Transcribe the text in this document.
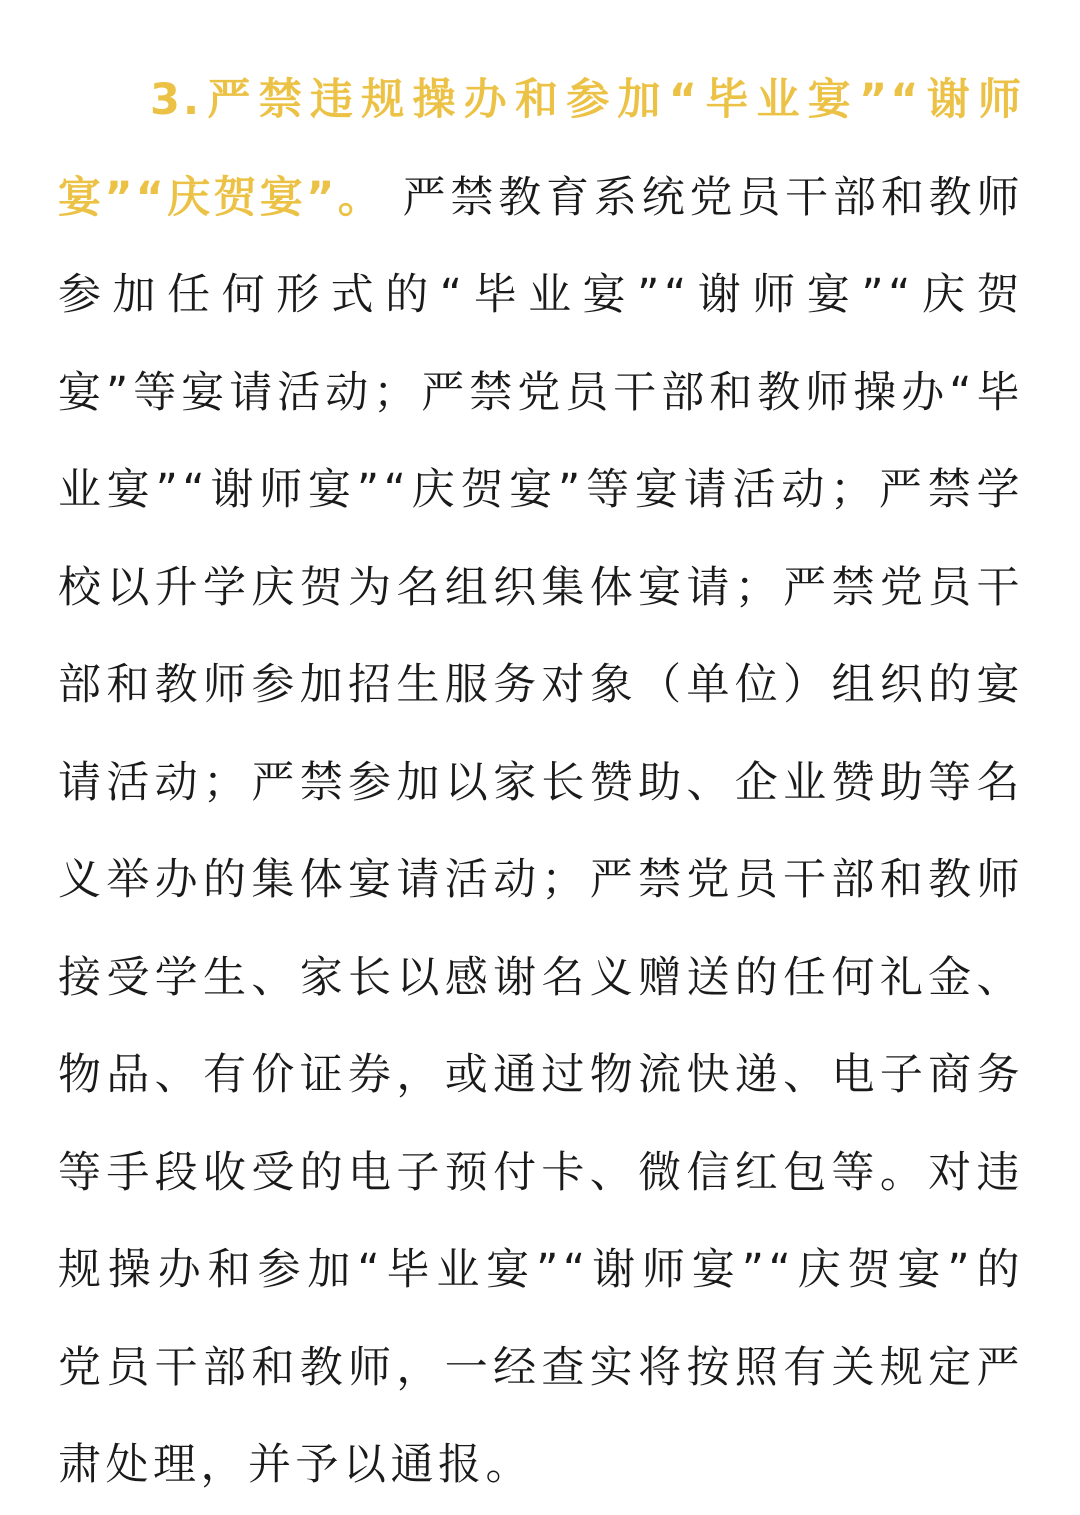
3.严禁违规操办和参加“毕业宴”“谢师宴”“庆贺宴”。 严禁教育系统党员干部和教师参加任何形式的“毕业宴”“谢师宴”“庆贺宴”等宴请活动；严禁党员干部和教师操办“毕业宴”“谢师宴”“庆贺宴”等宴请活动；严禁学校以升学庆贺为名组织集体宴请；严禁党员干部和教师参加招生服务对象（单位）组织的宴请活动；严禁参加以家长赞助、企业赞助等名义举办的集体宴请活动；严禁党员干部和教师接受学生、家长以感谢名义赠送的任何礼金、物品、有价证券，或通过物流快递、电子商务等手段收受的电子预付卡、微信红包等。对违规操办和参加“毕业宴”“谢师宴”“庆贺宴”的党员干部和教师，一经查实将按照有关规定严肃处理，并予以通报。
